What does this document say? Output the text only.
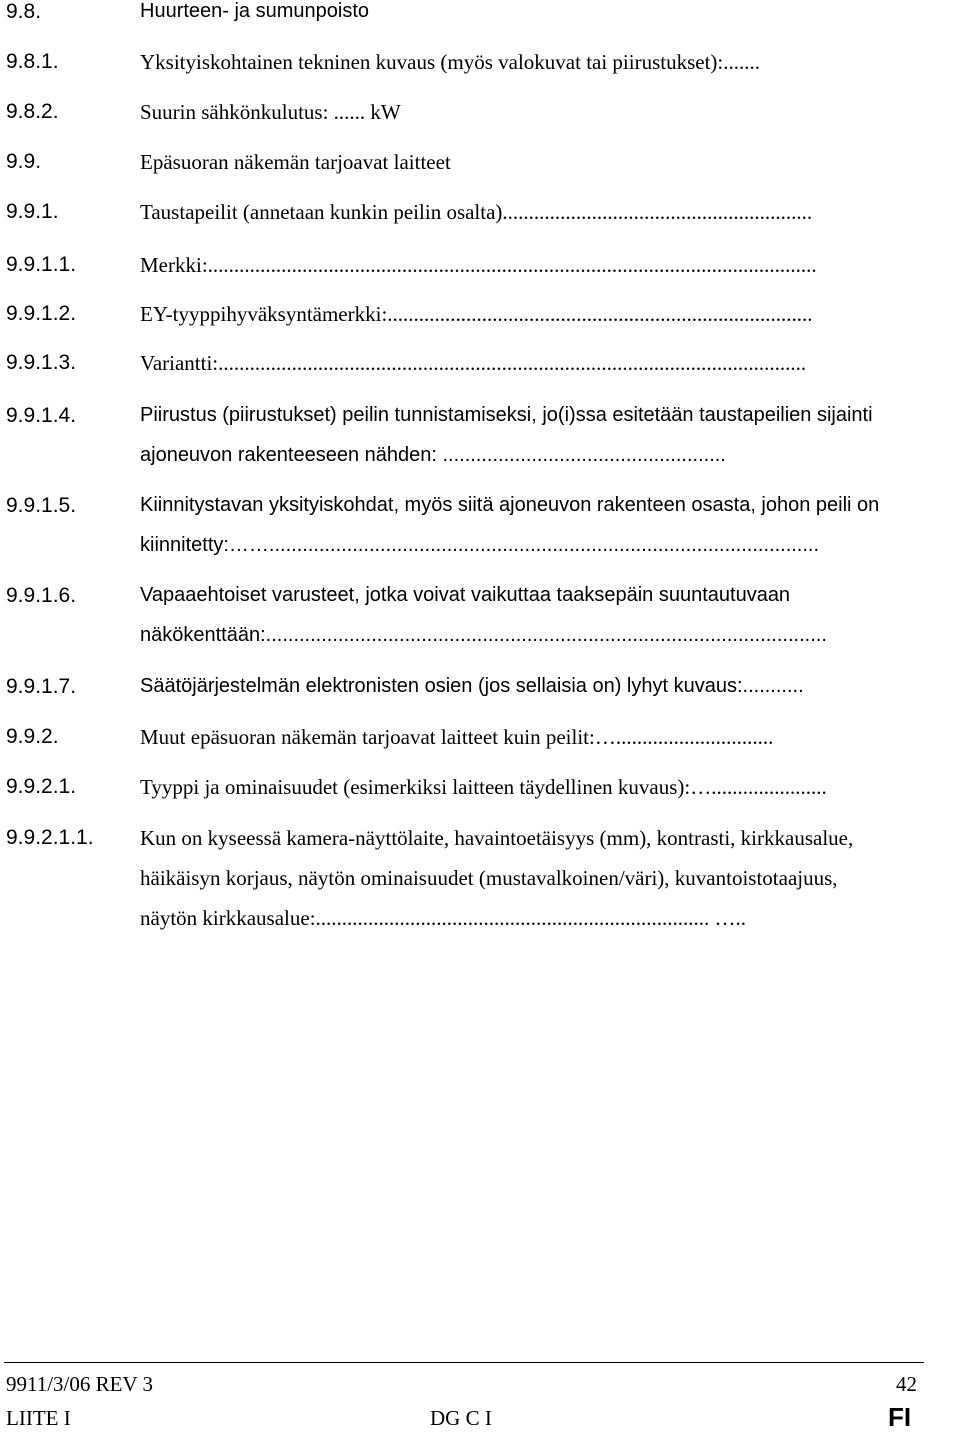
9.8.	Huurteen- ja sumunpoisto
9.8.1.	Yksityiskohtainen tekninen kuvaus (myös valokuvat tai piirustukset):.......
9.8.2.	Suurin sähkönkulutus: ...... kW
9.9.	Epäsuoran näkemän tarjoavat laitteet
9.9.1.	Taustapeilit (annetaan kunkin peilin osalta)...........................................................
9.9.1.1.	Merkki:....................................................................................................................
9.9.1.2.	EY-tyyppihyväksyntämerkki:.................................................................................
9.9.1.3.	Variantti:................................................................................................................
9.9.1.4.	Piirustus (piirustukset) peilin tunnistamiseksi, jo(i)ssa esitetään taustapeilien sijainti
ajoneuvon rakenteeseen nähden: ...................................................
9.9.1.5.	Kiinnitystavan yksityiskohdat, myös siitä ajoneuvon rakenteen osasta, johon peili on
kiinnitetty:……...................................................................................................
9.9.1.6.	Vapaaehtoiset varusteet, jotka voivat vaikuttaa taaksepäin suuntautuvaan
näkökenttään:.....................................................................................................
9.9.1.7.	Säätöjärjestelmän elektronisten osien (jos sellaisia on) lyhyt kuvaus:...........
9.9.2.	Muut epäsuoran näkemän tarjoavat laitteet kuin peilit:…..............................
9.9.2.1.	Tyyppi ja ominaisuudet (esimerkiksi laitteen täydellinen kuvaus):…......................
9.9.2.1.1. Kun on kyseessä kamera-näyttölaite, havaintoetäisyys (mm), kontrasti, kirkkausalue,
häikäisyn korjaus, näytön ominaisuudet (mustavalkoinen/väri), kuvantoistotaajuus,
näytön kirkkausalue:........................................................................... …..
9911/3/06 REV 3	42
LIITE I	DG C I	FI
